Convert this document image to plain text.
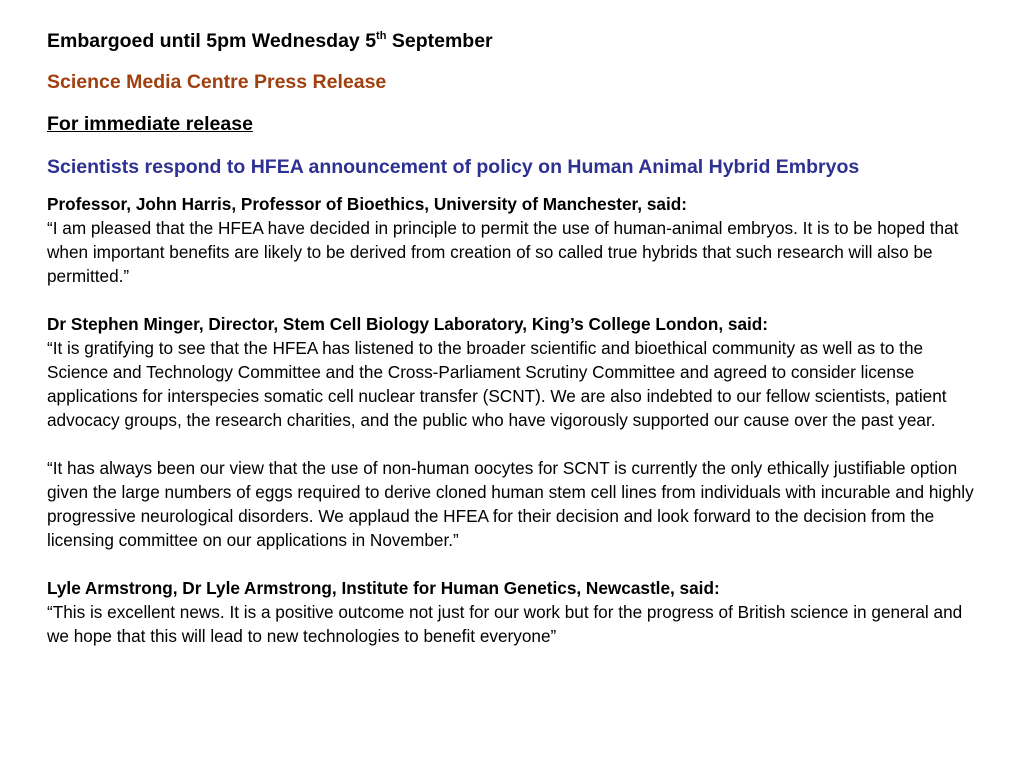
Embargoed until 5pm Wednesday 5th September

Science Media Centre Press Release

For immediate release

Scientists respond to HFEA announcement of policy on Human Animal Hybrid Embryos

Professor, John Harris, Professor of Bioethics, University of Manchester, said:
“I am pleased that the HFEA have decided in principle to permit the use of human-animal embryos. It is to be hoped that when important benefits are likely to be derived from creation of so called true hybrids that such research will also be permitted.”
Dr Stephen Minger, Director, Stem Cell Biology Laboratory, King’s College London, said:
“It is gratifying to see that the HFEA has listened to the broader scientific and bioethical community as well as to the Science and Technology Committee and the Cross-Parliament Scrutiny Committee and agreed to consider license applications for interspecies somatic cell nuclear transfer (SCNT). We are also indebted to our fellow scientists, patient advocacy groups, the research charities, and the public who have vigorously supported our cause over the past year.
“It has always been our view that the use of non-human oocytes for SCNT is currently the only ethically justifiable option given the large numbers of eggs required to derive cloned human stem cell lines from individuals with incurable and highly progressive neurological disorders. We applaud the HFEA for their decision and look forward to the decision from the licensing committee on our applications in November.”
Lyle Armstrong, Dr Lyle Armstrong, Institute for Human Genetics, Newcastle, said:
“This is excellent news. It is a positive outcome not just for our work but for the progress of British science in general and we hope that this will lead to new technologies to benefit everyone”
